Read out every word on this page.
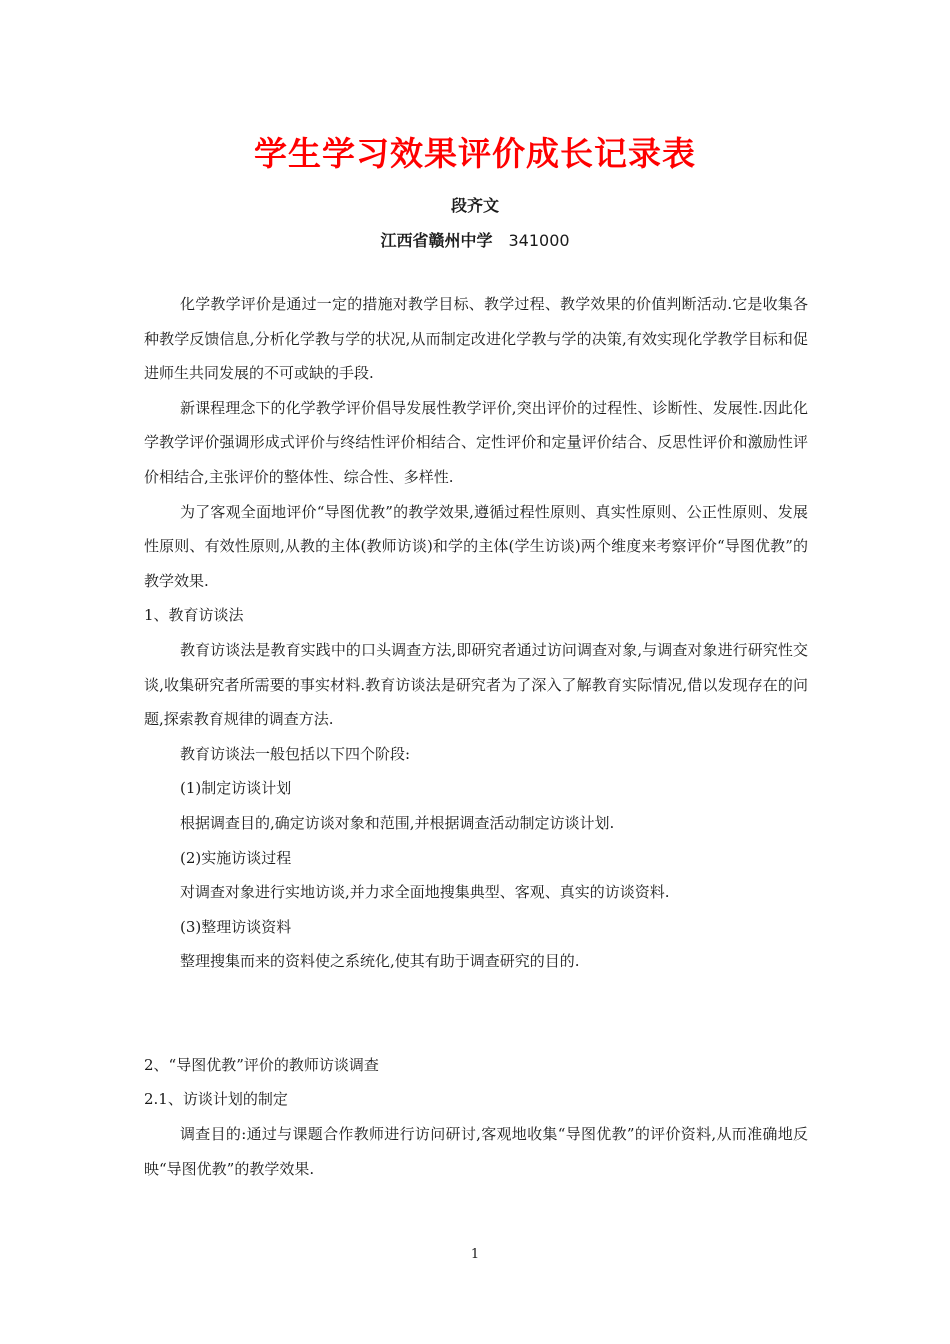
学生学习效果评价成长记录表
段齐文
江西省赣州中学 341000

化学教学评价是通过一定的措施对教学目标、教学过程、教学效果的价值判断活动.它是收集各种教学反馈信息,分析化学教与学的状况,从而制定改进化学教与学的决策,有效实现化学教学目标和促进师生共同发展的不可或缺的手段.

新课程理念下的化学教学评价倡导发展性教学评价,突出评价的过程性、诊断性、发展性.因此化学教学评价强调形成式评价与终结性评价相结合、定性评价和定量评价结合、反思性评价和激励性评价相结合,主张评价的整体性、综合性、多样性.

为了客观全面地评价“导图优教”的教学效果,遵循过程性原则、真实性原则、公正性原则、发展性原则、有效性原则,从教的主体(教师访谈)和学的主体(学生访谈)两个维度来考察评价“导图优教”的教学效果.

1、教育访谈法

教育访谈法是教育实践中的口头调查方法,即研究者通过访问调查对象,与调查对象进行研究性交谈,收集研究者所需要的事实材料.教育访谈法是研究者为了深入了解教育实际情况,借以发现存在的问题,探索教育规律的调查方法.

教育访谈法一般包括以下四个阶段:

(1)制定访谈计划

根据调查目的,确定访谈对象和范围,并根据调查活动制定访谈计划.

(2)实施访谈过程

对调查对象进行实地访谈,并力求全面地搜集典型、客观、真实的访谈资料.

(3)整理访谈资料

整理搜集而来的资料使之系统化,使其有助于调查研究的目的.

2、“导图优教”评价的教师访谈调查

2.1、访谈计划的制定

调查目的:通过与课题合作教师进行访问研讨,客观地收集“导图优教”的评价资料,从而准确地反映“导图优教”的教学效果.

1
